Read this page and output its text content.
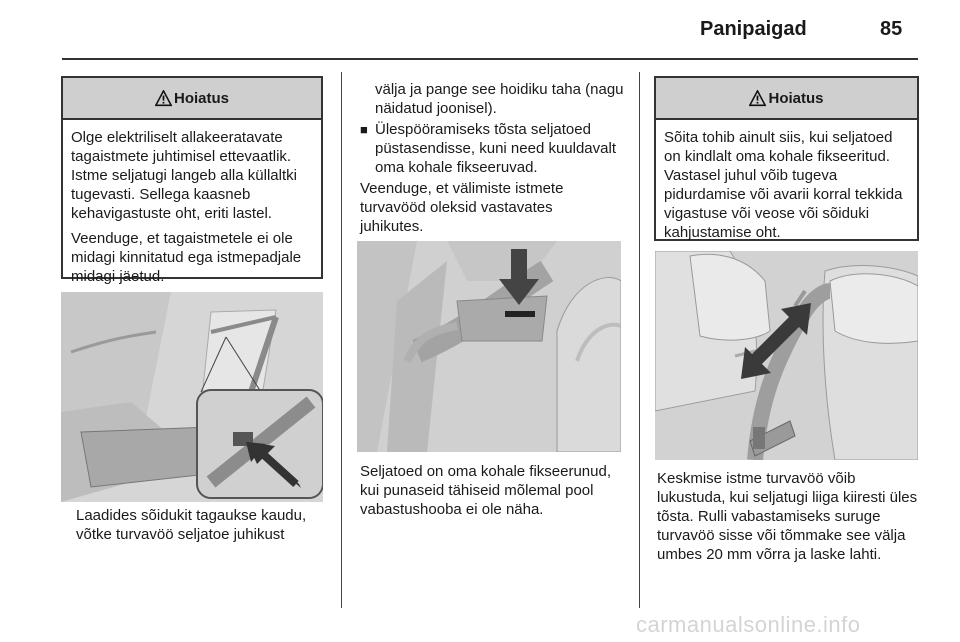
Panipaigad	85
Hoiatus

Olge elektriliselt allakeeratavate tagaistmete juhtimisel ettevaatlik. Istme seljatugi langeb alla küllaltki tugevasti. Sellega kaasneb kehavigastuste oht, eriti lastel.

Veenduge, et tagaistmetele ei ole midagi kinnitatud ega istmepadjale midagi jäetud.

Laadides sõidukit tagaukse kaudu, võtke turvavöö seljatoe juhikust

välja ja pange see hoidiku taha (nagu näidatud joonisel).

■ Ülespööramiseks tõsta seljatoed püstasendisse, kuni need kuuldavalt oma kohale fikseeruvad.

Veenduge, et välimiste istmete turvavööd oleksid vastavates juhikutes.

Seljatoed on oma kohale fikseerunud, kui punaseid tähiseid mõlemal pool vabastushooba ei ole näha.

Hoiatus

Sõita tohib ainult siis, kui seljatoed on kindlalt oma kohale fikseeritud. Vastasel juhul võib tugeva pidurdamise või avarii korral tekkida vigastuse või veose või sõiduki kahjustamise oht.

Keskmise istme turvavöö võib lukustuda, kui seljatugi liiga kiiresti üles tõsta. Rulli vabastamiseks suruge turvavöö sisse või tõmmake see välja umbes 20 mm võrra ja laske lahti.

carmanualsonline.info
